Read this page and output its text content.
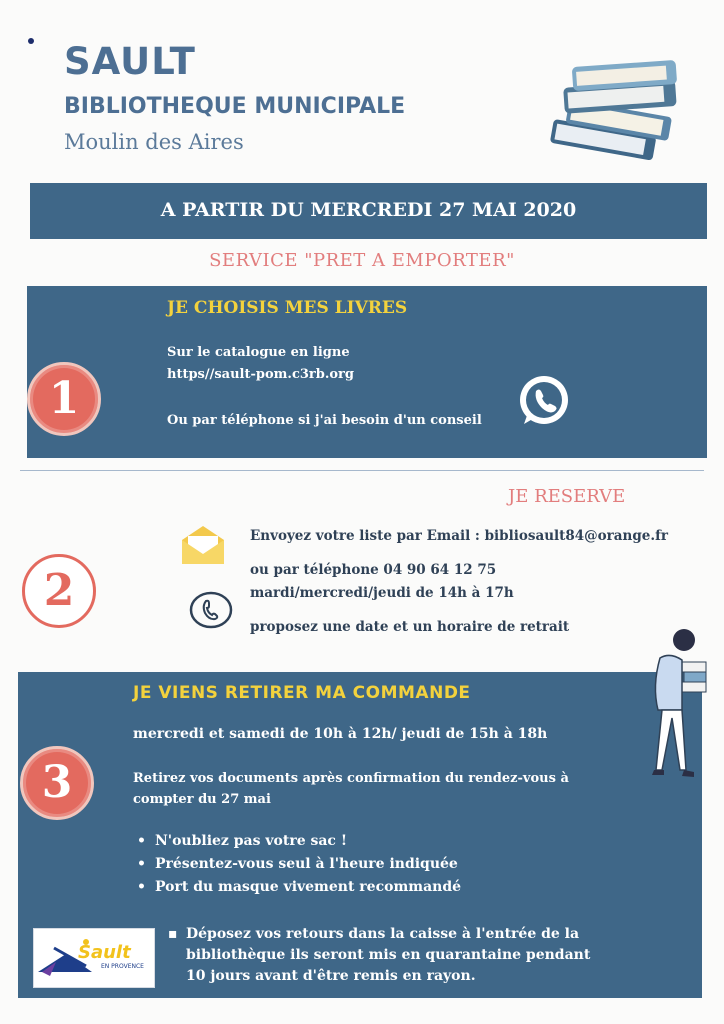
SAULT
BIBLIOTHEQUE MUNICIPALE
Moulin des Aires
A PARTIR DU MERCREDI 27 MAI 2020
SERVICE "PRET A EMPORTER"
1
JE CHOISIS MES LIVRES
Sur le catalogue en ligne
https//sault-pom.c3rb.org
Ou par téléphone si j'ai besoin d'un conseil
JE RESERVE
2
Envoyez votre liste par Email : bibliosault84@orange.fr
ou par téléphone 04 90 64 12 75
mardi/mercredi/jeudi de 14h à 17h
proposez une date et un horaire de retrait
3
JE VIENS RETIRER MA COMMANDE
mercredi et samedi de 10h à 12h/ jeudi de 15h à 18h
Retirez vos documents après confirmation du rendez-vous à
compter du 27 mai
• N'oubliez pas votre sac !
• Présentez-vous seul à l'heure indiquée
• Port du masque vivement recommandé
▪ Déposez vos retours dans la caisse à l'entrée de la
bibliothèque ils seront mis en quarantaine pendant
10 jours avant d'être remis en rayon.
Sault
EN PROVENCE
